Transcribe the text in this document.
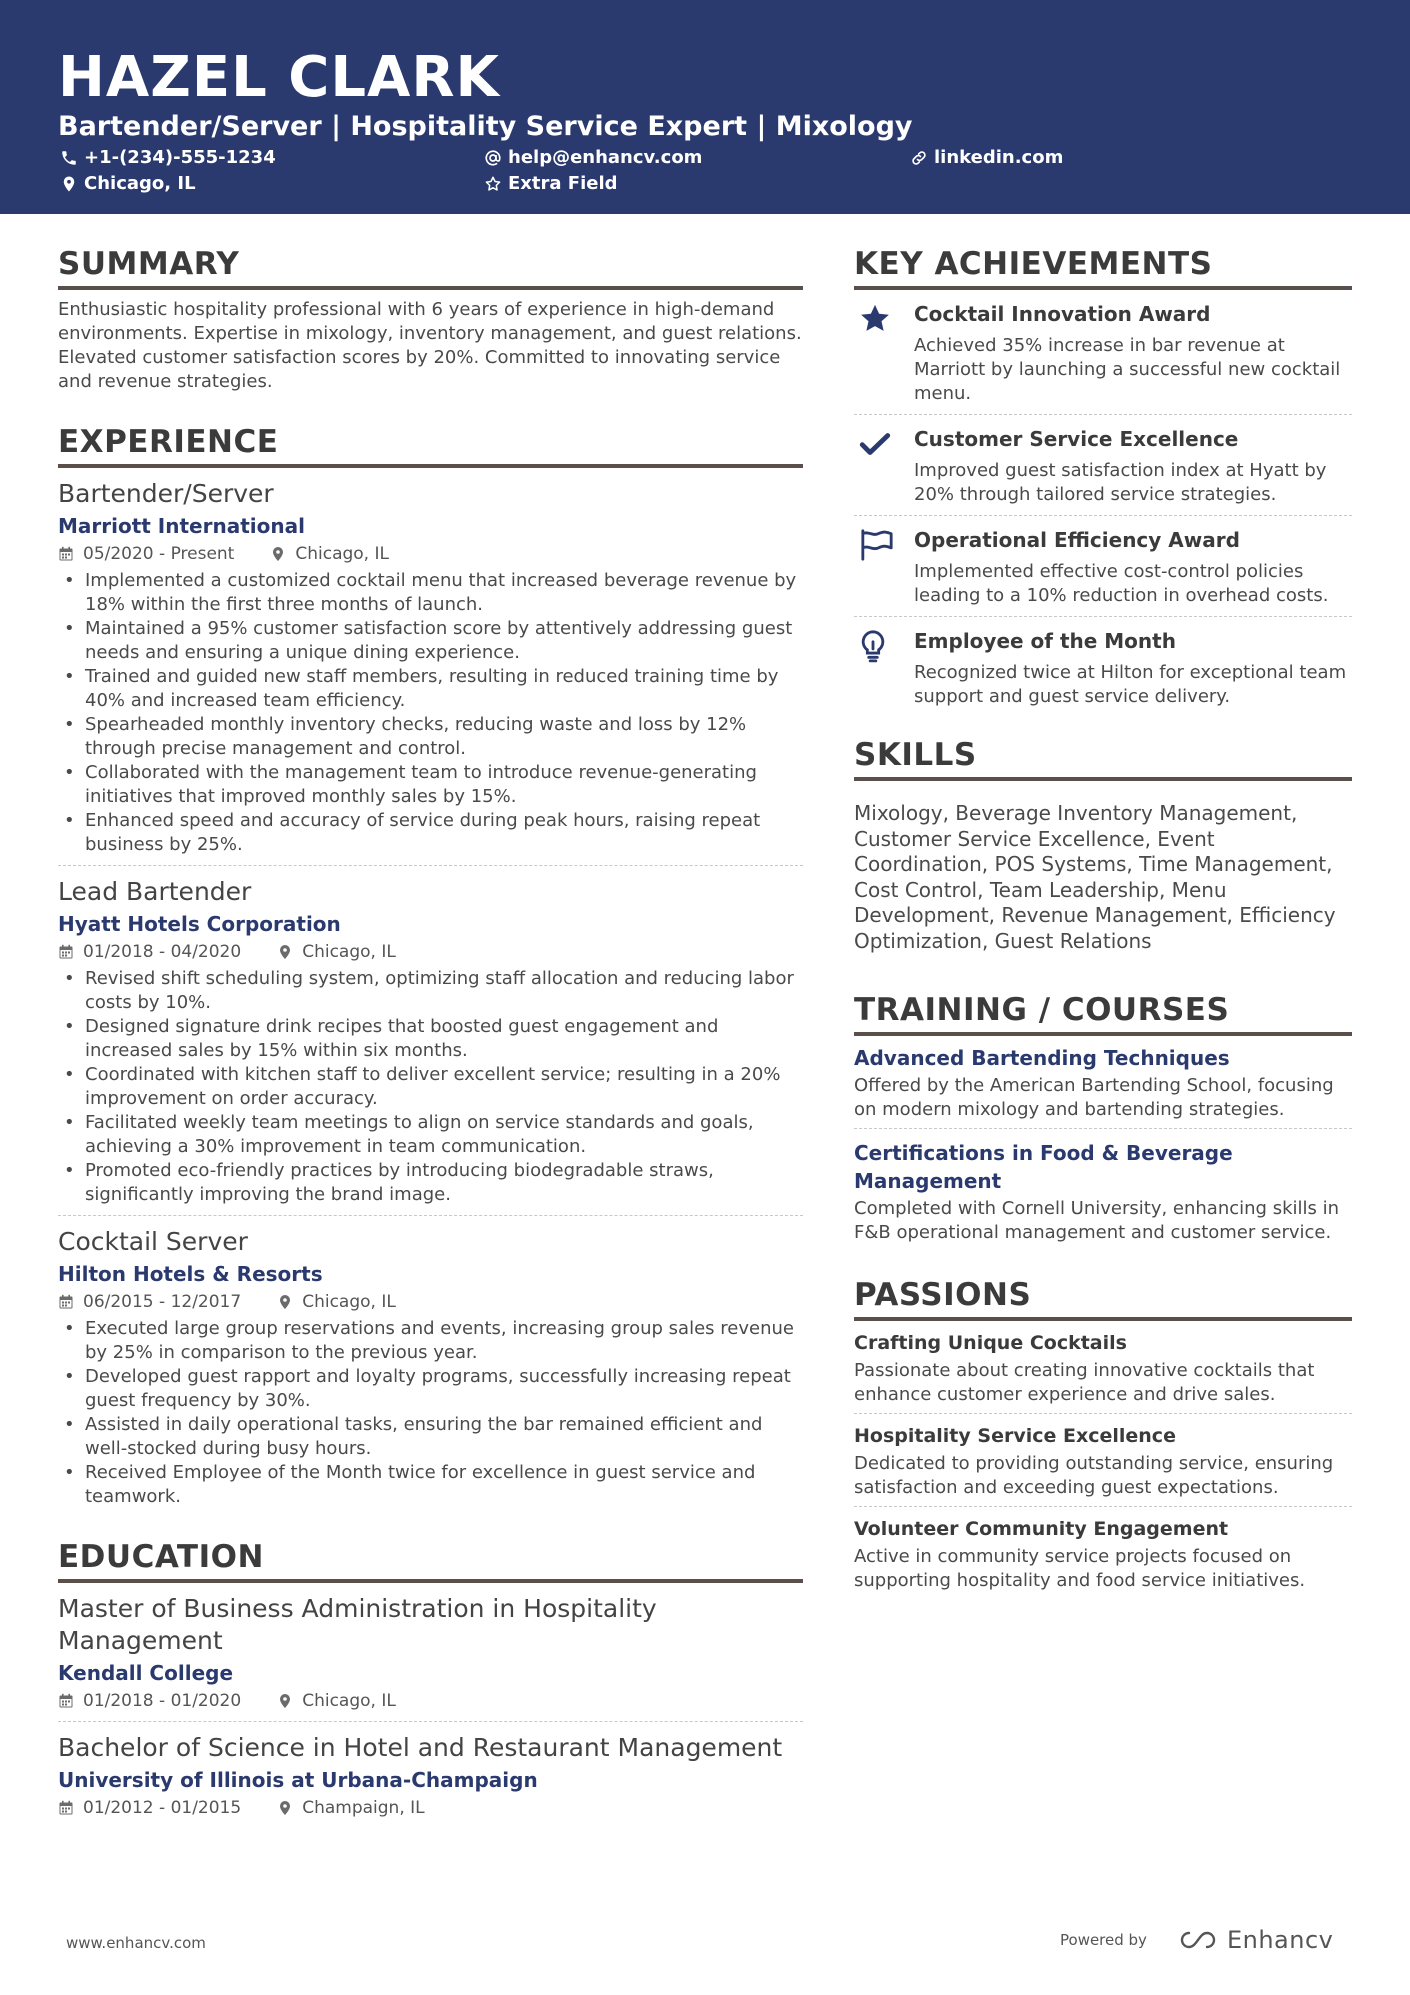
HAZEL CLARK
Bartender/Server | Hospitality Service Expert | Mixology
+1-(234)-555-1234	help@enhancv.com	linkedin.com
Chicago, IL	Extra Field
SUMMARY
Enthusiastic hospitality professional with 6 years of experience in high-demand environments. Expertise in mixology, inventory management, and guest relations. Elevated customer satisfaction scores by 20%. Committed to innovating service and revenue strategies.
EXPERIENCE
Bartender/Server
Marriott International
05/2020 - Present	Chicago, IL
• Implemented a customized cocktail menu that increased beverage revenue by 18% within the first three months of launch.
• Maintained a 95% customer satisfaction score by attentively addressing guest needs and ensuring a unique dining experience.
• Trained and guided new staff members, resulting in reduced training time by 40% and increased team efficiency.
• Spearheaded monthly inventory checks, reducing waste and loss by 12% through precise management and control.
• Collaborated with the management team to introduce revenue-generating initiatives that improved monthly sales by 15%.
• Enhanced speed and accuracy of service during peak hours, raising repeat business by 25%.
Lead Bartender
Hyatt Hotels Corporation
01/2018 - 04/2020	Chicago, IL
• Revised shift scheduling system, optimizing staff allocation and reducing labor costs by 10%.
• Designed signature drink recipes that boosted guest engagement and increased sales by 15% within six months.
• Coordinated with kitchen staff to deliver excellent service; resulting in a 20% improvement on order accuracy.
• Facilitated weekly team meetings to align on service standards and goals, achieving a 30% improvement in team communication.
• Promoted eco-friendly practices by introducing biodegradable straws, significantly improving the brand image.
Cocktail Server
Hilton Hotels & Resorts
06/2015 - 12/2017	Chicago, IL
• Executed large group reservations and events, increasing group sales revenue by 25% in comparison to the previous year.
• Developed guest rapport and loyalty programs, successfully increasing repeat guest frequency by 30%.
• Assisted in daily operational tasks, ensuring the bar remained efficient and well-stocked during busy hours.
• Received Employee of the Month twice for excellence in guest service and teamwork.
EDUCATION
Master of Business Administration in Hospitality Management
Kendall College
01/2018 - 01/2020	Chicago, IL
Bachelor of Science in Hotel and Restaurant Management
University of Illinois at Urbana-Champaign
01/2012 - 01/2015	Champaign, IL
KEY ACHIEVEMENTS
Cocktail Innovation Award
Achieved 35% increase in bar revenue at Marriott by launching a successful new cocktail menu.
Customer Service Excellence
Improved guest satisfaction index at Hyatt by 20% through tailored service strategies.
Operational Efficiency Award
Implemented effective cost-control policies leading to a 10% reduction in overhead costs.
Employee of the Month
Recognized twice at Hilton for exceptional team support and guest service delivery.
SKILLS
Mixology, Beverage Inventory Management, Customer Service Excellence, Event Coordination, POS Systems, Time Management, Cost Control, Team Leadership, Menu Development, Revenue Management, Efficiency Optimization, Guest Relations
TRAINING / COURSES
Advanced Bartending Techniques
Offered by the American Bartending School, focusing on modern mixology and bartending strategies.
Certifications in Food & Beverage Management
Completed with Cornell University, enhancing skills in F&B operational management and customer service.
PASSIONS
Crafting Unique Cocktails
Passionate about creating innovative cocktails that enhance customer experience and drive sales.
Hospitality Service Excellence
Dedicated to providing outstanding service, ensuring satisfaction and exceeding guest expectations.
Volunteer Community Engagement
Active in community service projects focused on supporting hospitality and food service initiatives.
www.enhancv.com	Powered by	Enhancv
